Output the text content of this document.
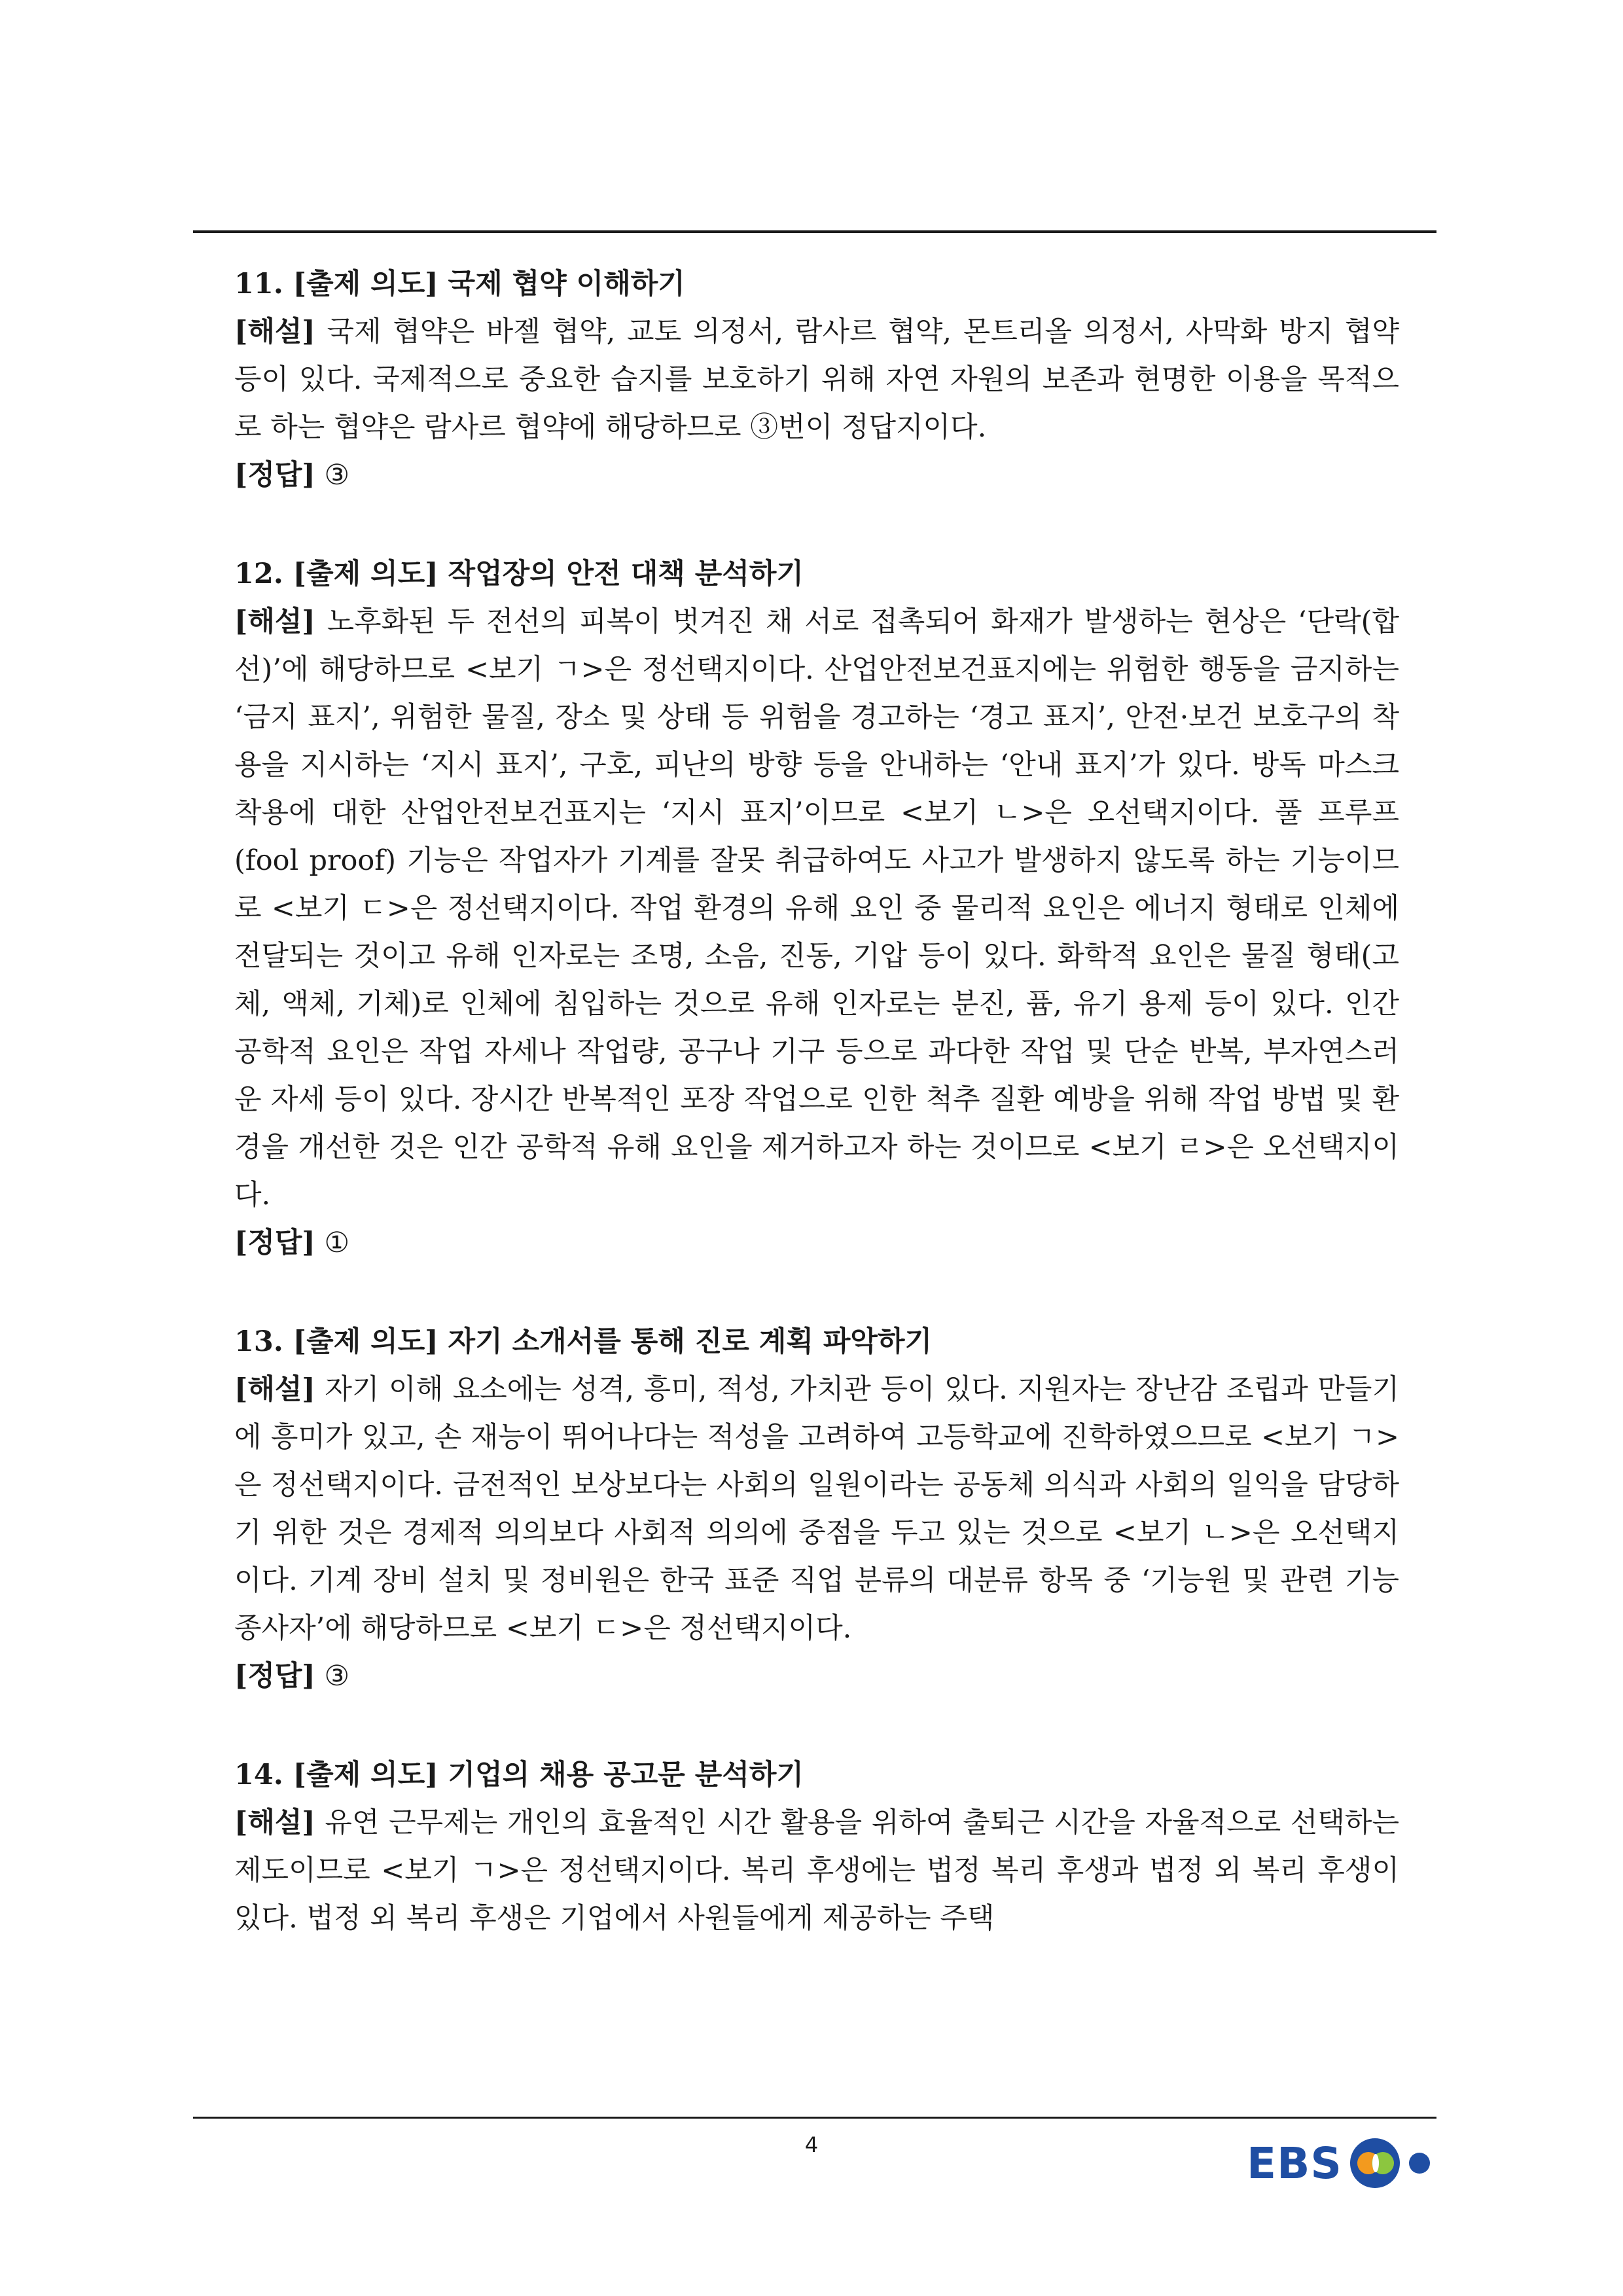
11. [출제 의도] 국제 협약 이해하기
[해설] 국제 협약은 바젤 협약, 교토 의정서, 람사르 협약, 몬트리올 의정서, 사막화 방지 협약 등이 있다. 국제적으로 중요한 습지를 보호하기 위해 자연 자원의 보존과 현명한 이용을 목적으로 하는 협약은 람사르 협약에 해당하므로 ③번이 정답지이다.
[정답] ③
12. [출제 의도] 작업장의 안전 대책 분석하기
[해설] 노후화된 두 전선의 피복이 벗겨진 채 서로 접촉되어 화재가 발생하는 현상은 ‘단락(합선)’에 해당하므로 <보기 ㄱ>은 정선택지이다. 산업안전보건표지에는 위험한 행동을 금지하는 ‘금지 표지’, 위험한 물질, 장소 및 상태 등 위험을 경고하는 ‘경고 표지’, 안전·보건 보호구의 착용을 지시하는 ‘지시 표지’, 구호, 피난의 방향 등을 안내하는 ‘안내 표지’가 있다. 방독 마스크 착용에 대한 산업안전보건표지는 ‘지시 표지’이므로 <보기 ㄴ>은 오선택지이다. 풀 프루프(fool proof) 기능은 작업자가 기계를 잘못 취급하여도 사고가 발생하지 않도록 하는 기능이므로 <보기 ㄷ>은 정선택지이다. 작업 환경의 유해 요인 중 물리적 요인은 에너지 형태로 인체에 전달되는 것이고 유해 인자로는 조명, 소음, 진동, 기압 등이 있다. 화학적 요인은 물질 형태(고체, 액체, 기체)로 인체에 침입하는 것으로 유해 인자로는 분진, 퓸, 유기 용제 등이 있다. 인간 공학적 요인은 작업 자세나 작업량, 공구나 기구 등으로 과다한 작업 및 단순 반복, 부자연스러운 자세 등이 있다. 장시간 반복적인 포장 작업으로 인한 척추 질환 예방을 위해 작업 방법 및 환경을 개선한 것은 인간 공학적 유해 요인을 제거하고자 하는 것이므로 <보기 ㄹ>은 오선택지이다.
[정답] ①
13. [출제 의도] 자기 소개서를 통해 진로 계획 파악하기
[해설] 자기 이해 요소에는 성격, 흥미, 적성, 가치관 등이 있다. 지원자는 장난감 조립과 만들기에 흥미가 있고, 손 재능이 뛰어나다는 적성을 고려하여 고등학교에 진학하였으므로 <보기 ㄱ>은 정선택지이다. 금전적인 보상보다는 사회의 일원이라는 공동체 의식과 사회의 일익을 담당하기 위한 것은 경제적 의의보다 사회적 의의에 중점을 두고 있는 것으로 <보기 ㄴ>은 오선택지이다. 기계 장비 설치 및 정비원은 한국 표준 직업 분류의 대분류 항목 중 ‘기능원 및 관련 기능 종사자’에 해당하므로 <보기 ㄷ>은 정선택지이다.
[정답] ③
14. [출제 의도] 기업의 채용 공고문 분석하기
[해설] 유연 근무제는 개인의 효율적인 시간 활용을 위하여 출퇴근 시간을 자율적으로 선택하는 제도이므로 <보기 ㄱ>은 정선택지이다. 복리 후생에는 법정 복리 후생과 법정 외 복리 후생이 있다. 법정 외 복리 후생은 기업에서 사원들에게 제공하는 주택
4	EBS
